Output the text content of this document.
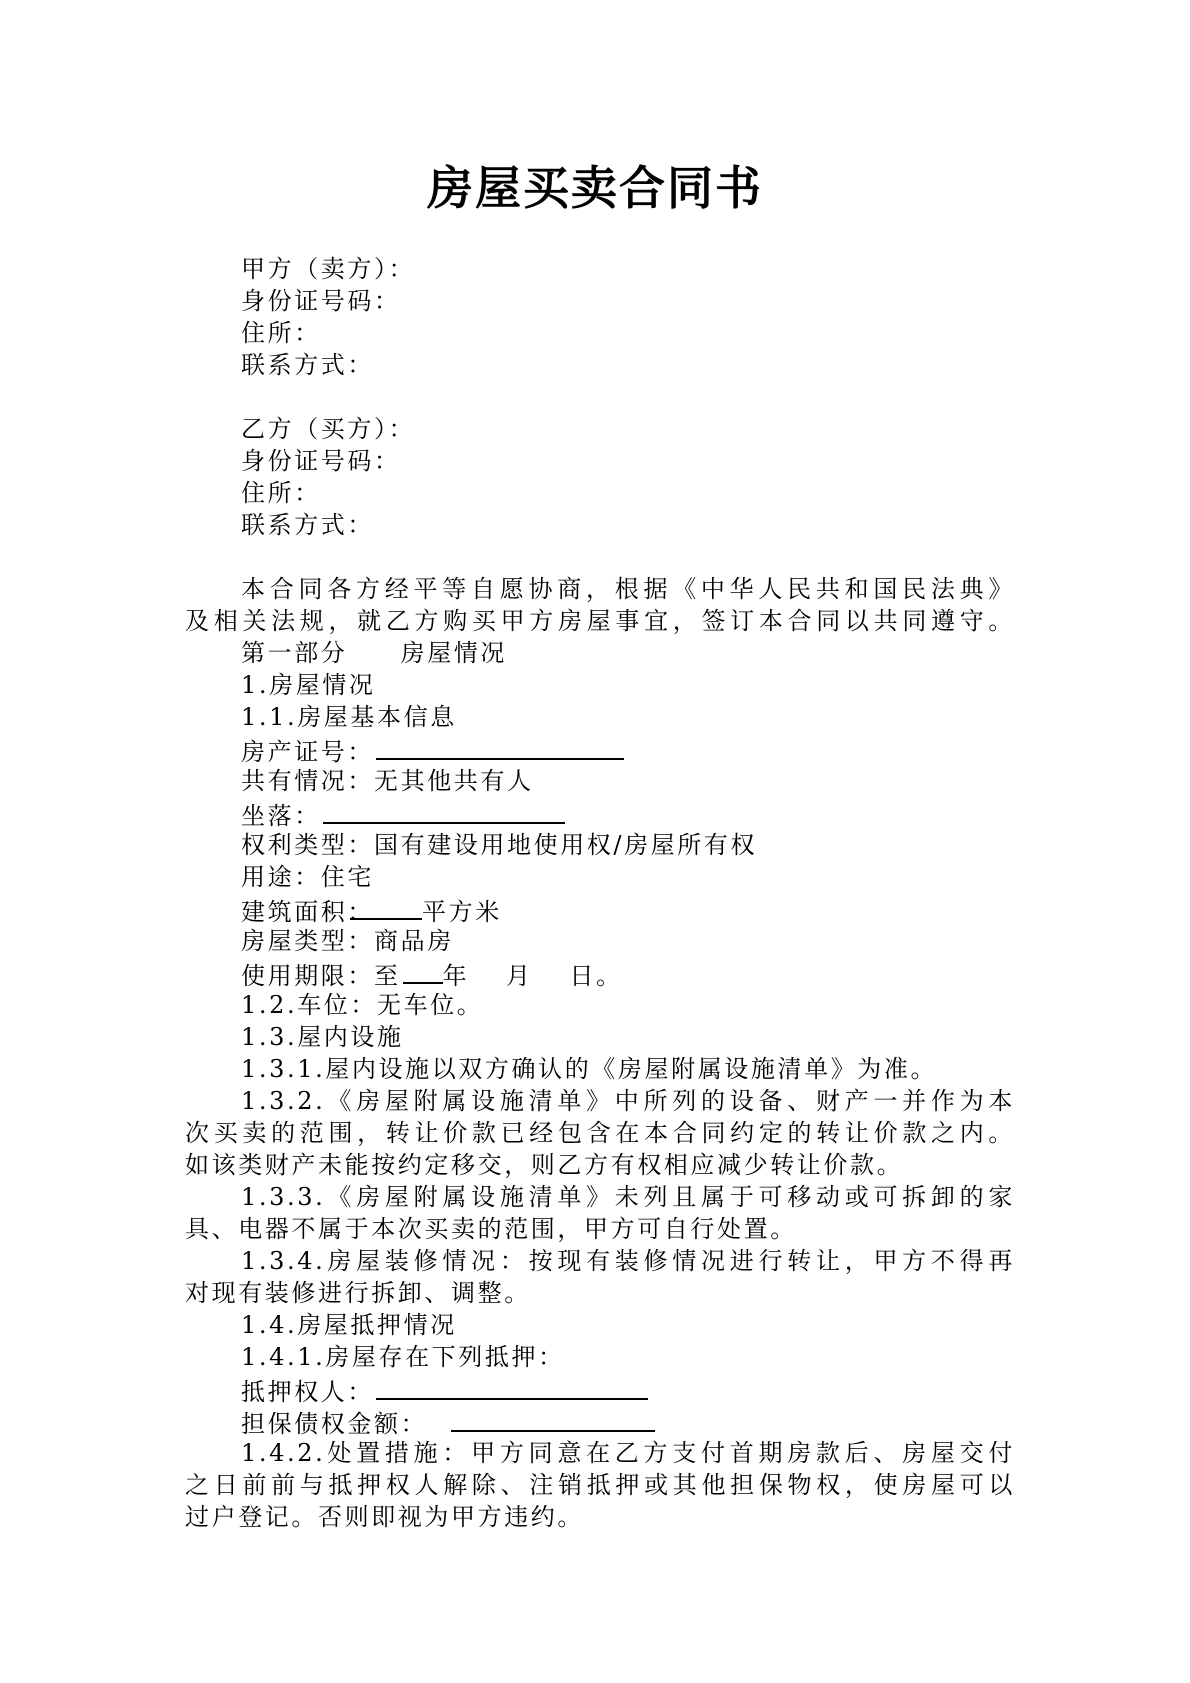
房屋买卖合同书
甲方（卖方）：
身份证号码：
住所：
联系方式：
乙方（买方）：
身份证号码：
住所：
联系方式：
本合同各方经平等自愿协商，根据《中华人民共和国民法典》
及相关法规，就乙方购买甲方房屋事宜，签订本合同以共同遵守。
第一部分　　房屋情况
1.房屋情况
1.1.房屋基本信息
房产证号：
共有情况：无其他共有人
坐落：
权利类型：国有建设用地使用权/房屋所有权
用途：住宅
建筑面积： 平方米
房屋类型：商品房
使用期限：至 年　 月　 日。
1.2.车位：无车位。
1.3.屋内设施
1.3.1.屋内设施以双方确认的《房屋附属设施清单》为准。
1.3.2.《房屋附属设施清单》中所列的设备、财产一并作为本
次买卖的范围，转让价款已经包含在本合同约定的转让价款之内。
如该类财产未能按约定移交，则乙方有权相应减少转让价款。
1.3.3.《房屋附属设施清单》未列且属于可移动或可拆卸的家
具、电器不属于本次买卖的范围，甲方可自行处置。
1.3.4.房屋装修情况：按现有装修情况进行转让，甲方不得再
对现有装修进行拆卸、调整。
1.4.房屋抵押情况
1.4.1.房屋存在下列抵押：
抵押权人：
担保债权金额：
1.4.2.处置措施：甲方同意在乙方支付首期房款后、房屋交付
之日前前与抵押权人解除、注销抵押或其他担保物权，使房屋可以
过户登记。否则即视为甲方违约。
